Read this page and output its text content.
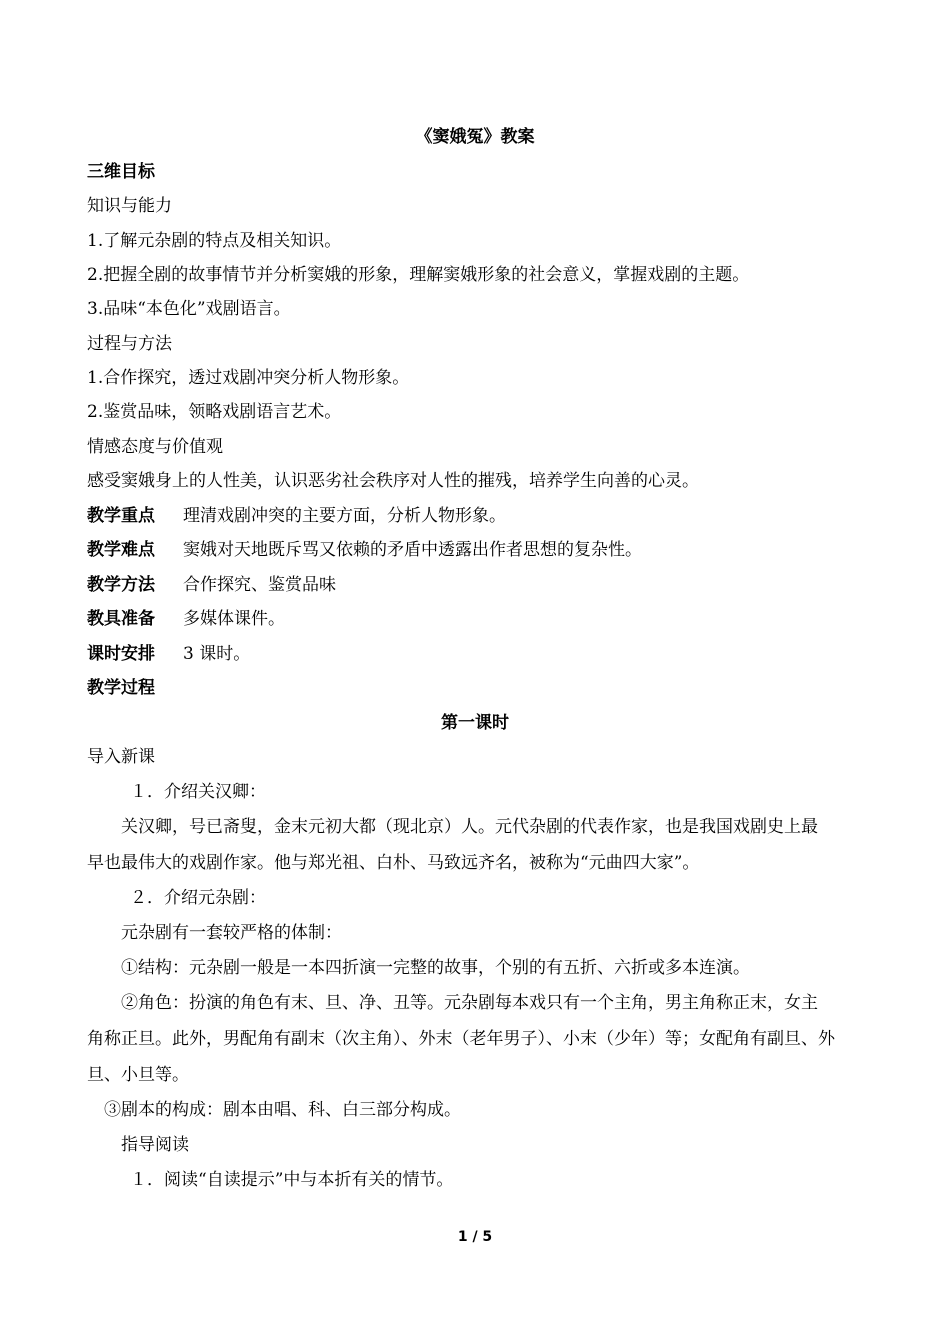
《窦娥冤》教案
三维目标
知识与能力
1.了解元杂剧的特点及相关知识。
2.把握全剧的故事情节并分析窦娥的形象，理解窦娥形象的社会意义，掌握戏剧的主题。
3.品味“本色化”戏剧语言。
过程与方法
1.合作探究，透过戏剧冲突分析人物形象。
2.鉴赏品味，领略戏剧语言艺术。
情感态度与价值观
感受窦娥身上的人性美，认识恶劣社会秩序对人性的摧残，培养学生向善的心灵。
教学重点 理清戏剧冲突的主要方面，分析人物形象。
教学难点 窦娥对天地既斥骂又依赖的矛盾中透露出作者思想的复杂性。
教学方法 合作探究、鉴赏品味
教具准备 多媒体课件。
课时安排 3 课时。
教学过程
第一课时
导入新课
１．介绍关汉卿：
关汉卿，号已斋叟，金末元初大都（现北京）人。元代杂剧的代表作家，也是我国戏剧史上最
早也最伟大的戏剧作家。他与郑光祖、白朴、马致远齐名，被称为“元曲四大家”。
２．介绍元杂剧：
元杂剧有一套较严格的体制：
①结构：元杂剧一般是一本四折演一完整的故事，个别的有五折、六折或多本连演。
②角色：扮演的角色有末、旦、净、丑等。元杂剧每本戏只有一个主角，男主角称正末，女主
角称正旦。此外，男配角有副末（次主角）、外末（老年男子）、小末（少年）等；女配角有副旦、外
旦、小旦等。
③剧本的构成：剧本由唱、科、白三部分构成。
指导阅读
１．阅读“自读提示”中与本折有关的情节。
1 / 5
